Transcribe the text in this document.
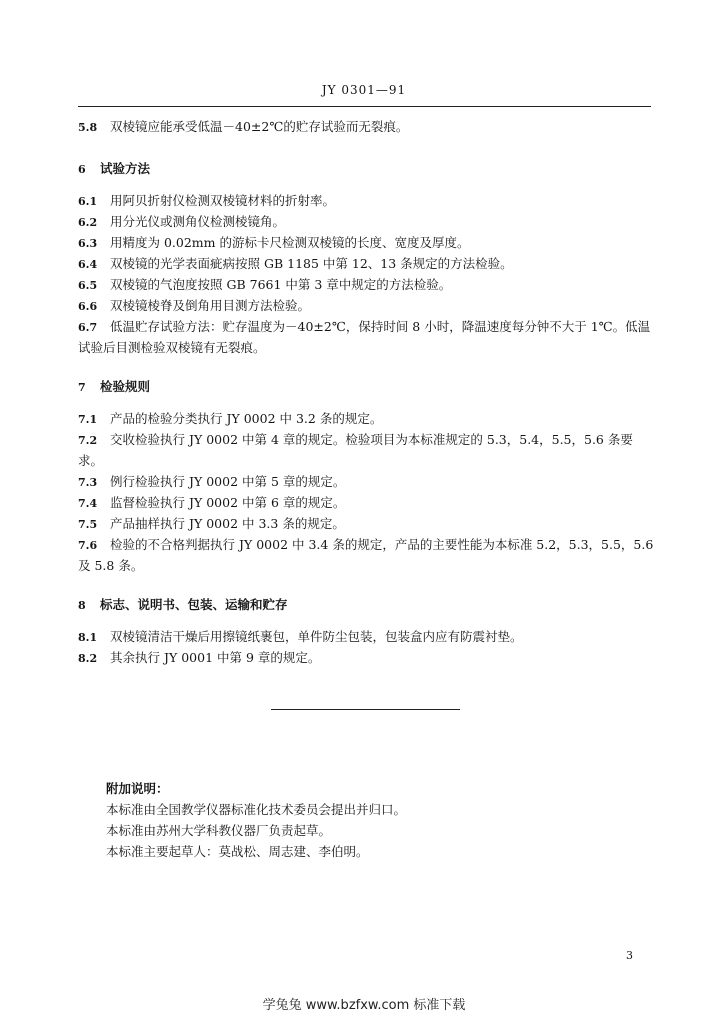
JY 0301—91
5.8 双棱镜应能承受低温－40±2℃的贮存试验而无裂痕。
6 试验方法
6.1 用阿贝折射仪检测双棱镜材料的折射率。
6.2 用分光仪或测角仪检测棱镜角。
6.3 用精度为 0.02mm 的游标卡尺检测双棱镜的长度、宽度及厚度。
6.4 双棱镜的光学表面疵病按照 GB 1185 中第 12、13 条规定的方法检验。
6.5 双棱镜的气泡度按照 GB 7661 中第 3 章中规定的方法检验。
6.6 双棱镜棱脊及倒角用目测方法检验。
6.7 低温贮存试验方法：贮存温度为－40±2℃，保持时间 8 小时，降温速度每分钟不大于 1℃。低温
试验后目测检验双棱镜有无裂痕。
7 检验规则
7.1 产品的检验分类执行 JY 0002 中 3.2 条的规定。
7.2 交收检验执行 JY 0002 中第 4 章的规定。检验项目为本标准规定的 5.3，5.4，5.5，5.6 条要
求。
7.3 例行检验执行 JY 0002 中第 5 章的规定。
7.4 监督检验执行 JY 0002 中第 6 章的规定。
7.5 产品抽样执行 JY 0002 中 3.3 条的规定。
7.6 检验的不合格判据执行 JY 0002 中 3.4 条的规定，产品的主要性能为本标准 5.2，5.3，5.5，5.6
及 5.8 条。
8 标志、说明书、包装、运输和贮存
8.1 双棱镜清洁干燥后用擦镜纸裹包，单件防尘包装，包装盒内应有防震衬垫。
8.2 其余执行 JY 0001 中第 9 章的规定。
附加说明：
本标准由全国教学仪器标准化技术委员会提出并归口。
本标准由苏州大学科教仪器厂负责起草。
本标准主要起草人：莫战松、周志建、李伯明。
3
学兔兔 www.bzfxw.com 标准下载
